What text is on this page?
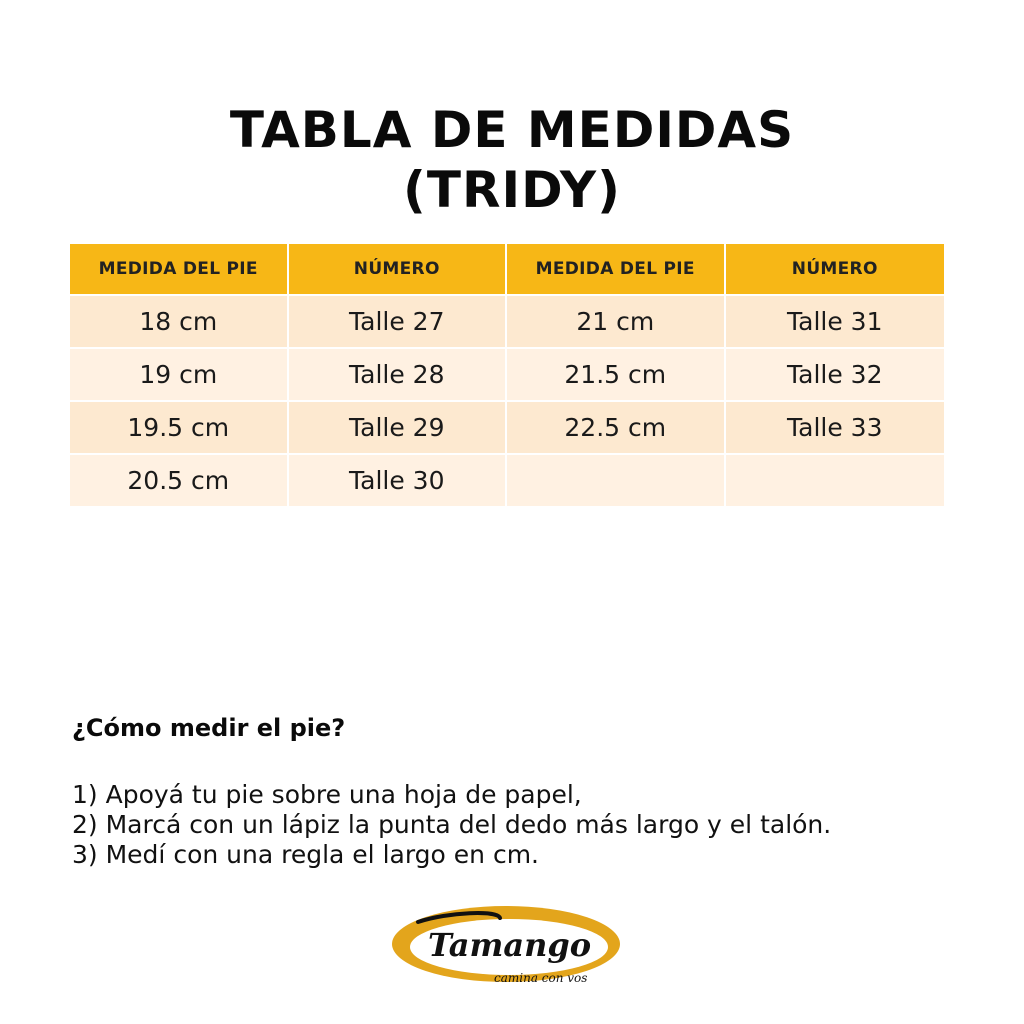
TABLA DE MEDIDAS
(TRIDY)
MEDIDA DEL PIE	NÚMERO	MEDIDA DEL PIE	NÚMERO
18 cm	Talle 27	21 cm	Talle 31
19 cm	Talle 28	21.5 cm	Talle 32
19.5 cm	Talle 29	22.5 cm	Talle 33
20.5 cm	Talle 30		
¿Cómo medir el pie?
1) Apoyá tu pie sobre una hoja de papel,
2) Marcá con un lápiz la punta del dedo más largo y el talón.
3) Medí con una regla el largo en cm.
Tamango
camina con vos
